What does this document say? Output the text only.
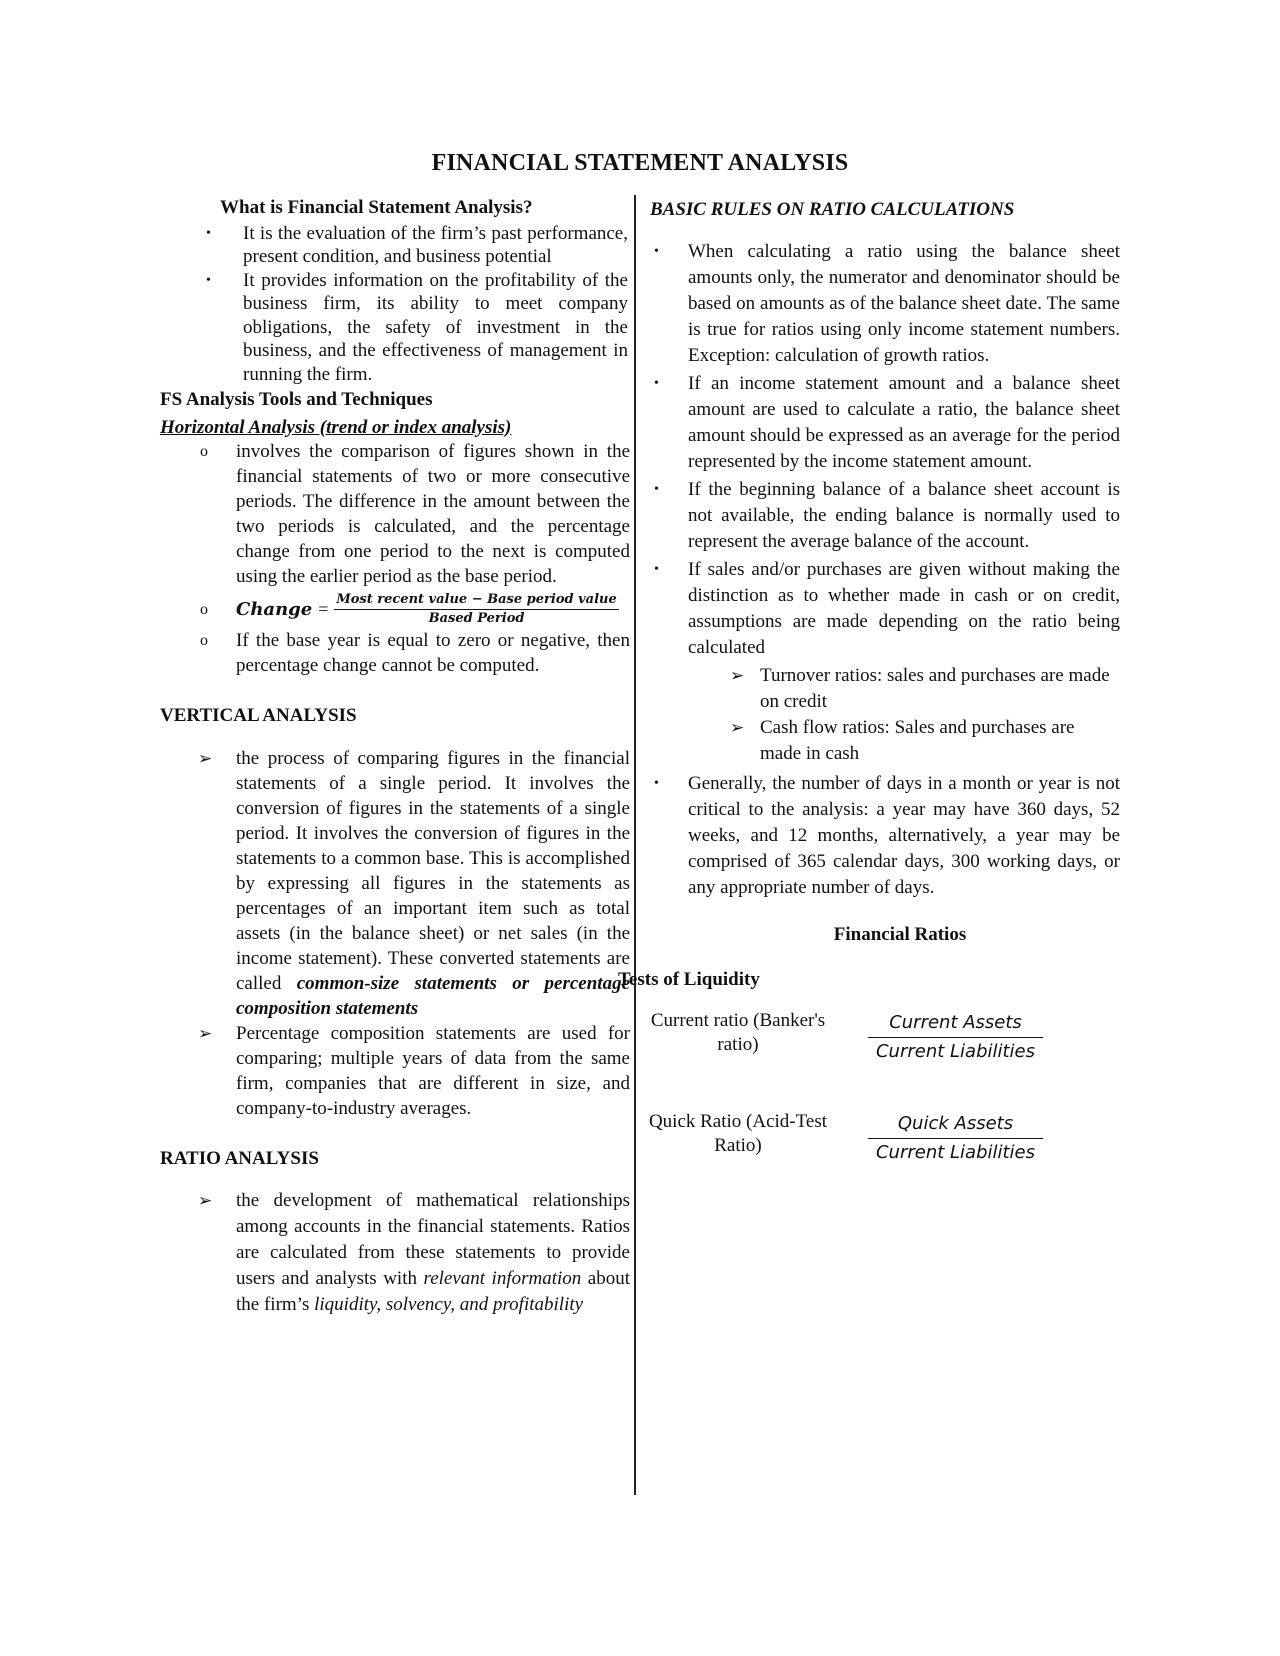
FINANCIAL STATEMENT ANALYSIS
What is Financial Statement Analysis?
• It is the evaluation of the firm’s past performance, present condition, and business potential
• It provides information on the profitability of the business firm, its ability to meet company obligations, the safety of investment in the business, and the effectiveness of management in running the firm.
FS Analysis Tools and Techniques
Horizontal Analysis (trend or index analysis)
o involves the comparison of figures shown in the financial statements of two or more consecutive periods. The difference in the amount between the two periods is calculated, and the percentage change from one period to the next is computed using the earlier period as the base period.
o Change = $\frac{\text{Most recent value − Base period value}}{\text{Based Period}}$
o If the base year is equal to zero or negative, then percentage change cannot be computed.
VERTICAL ANALYSIS
➢ the process of comparing figures in the financial statements of a single period. It involves the conversion of figures in the statements of a single period. It involves the conversion of figures in the statements to a common base. This is accomplished by expressing all figures in the statements as percentages of an important item such as total assets (in the balance sheet) or net sales (in the income statement). These converted statements are called common-size statements or percentage composition statements
➢ Percentage composition statements are used for comparing; multiple years of data from the same firm, companies that are different in size, and company-to-industry averages.
RATIO ANALYSIS
➢ the development of mathematical relationships among accounts in the financial statements. Ratios are calculated from these statements to provide users and analysts with relevant information about the firm’s liquidity, solvency, and profitability
BASIC RULES ON RATIO CALCULATIONS
• When calculating a ratio using the balance sheet amounts only, the numerator and denominator should be based on amounts as of the balance sheet date. The same is true for ratios using only income statement numbers. Exception: calculation of growth ratios.
• If an income statement amount and a balance sheet amount are used to calculate a ratio, the balance sheet amount should be expressed as an average for the period represented by the income statement amount.
• If the beginning balance of a balance sheet account is not available, the ending balance is normally used to represent the average balance of the account.
• If sales and/or purchases are given without making the distinction as to whether made in cash or on credit, assumptions are made depending on the ratio being calculated
➢ Turnover ratios: sales and purchases are made on credit
➢ Cash flow ratios: Sales and purchases are made in cash
• Generally, the number of days in a month or year is not critical to the analysis: a year may have 360 days, 52 weeks, and 12 months, alternatively, a year may be comprised of 365 calendar days, 300 working days, or any appropriate number of days.
Financial Ratios
Tests of Liquidity
Current ratio (Banker's ratio)	$\frac{\text{Current Assets}}{\text{Current Liabilities}}$
Quick Ratio (Acid-Test Ratio)	$\frac{\text{Quick Assets}}{\text{Current Liabilities}}$
